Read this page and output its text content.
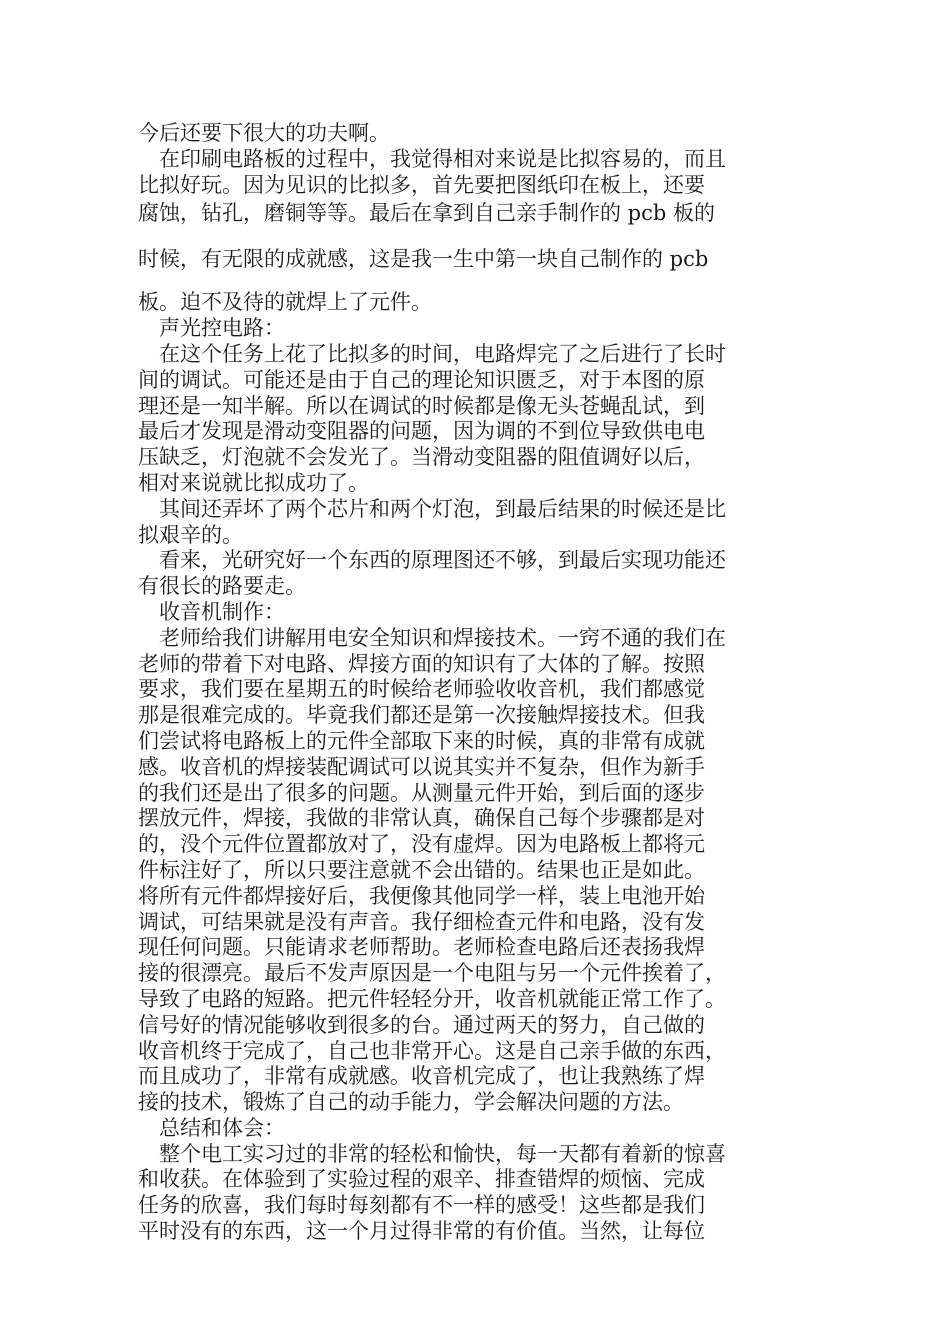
今后还要下很大的功夫啊。
　在印刷电路板的过程中，我觉得相对来说是比拟容易的，而且
比拟好玩。因为见识的比拟多，首先要把图纸印在板上，还要
腐蚀，钻孔，磨铜等等。最后在拿到自己亲手制作的 pcb 板的
时候，有无限的成就感，这是我一生中第一块自己制作的 pcb
板。迫不及待的就焊上了元件。
　声光控电路：
　在这个任务上花了比拟多的时间，电路焊完了之后进行了长时
间的调试。可能还是由于自己的理论知识匮乏，对于本图的原
理还是一知半解。所以在调试的时候都是像无头苍蝇乱试，到
最后才发现是滑动变阻器的问题，因为调的不到位导致供电电
压缺乏，灯泡就不会发光了。当滑动变阻器的阻值调好以后，
相对来说就比拟成功了。
　其间还弄坏了两个芯片和两个灯泡，到最后结果的时候还是比
拟艰辛的。
　看来，光研究好一个东西的原理图还不够，到最后实现功能还
有很长的路要走。
　收音机制作：
　老师给我们讲解用电安全知识和焊接技术。一窍不通的我们在
老师的带着下对电路、焊接方面的知识有了大体的了解。按照
要求，我们要在星期五的时候给老师验收收音机，我们都感觉
那是很难完成的。毕竟我们都还是第一次接触焊接技术。但我
们尝试将电路板上的元件全部取下来的时候，真的非常有成就
感。收音机的焊接装配调试可以说其实并不复杂，但作为新手
的我们还是出了很多的问题。从测量元件开始，到后面的逐步
摆放元件，焊接，我做的非常认真，确保自己每个步骤都是对
的，没个元件位置都放对了，没有虚焊。因为电路板上都将元
件标注好了，所以只要注意就不会出错的。结果也正是如此。
将所有元件都焊接好后，我便像其他同学一样，装上电池开始
调试，可结果就是没有声音。我仔细检查元件和电路，没有发
现任何问题。只能请求老师帮助。老师检查电路后还表扬我焊
接的很漂亮。最后不发声原因是一个电阻与另一个元件挨着了，
导致了电路的短路。把元件轻轻分开，收音机就能正常工作了。
信号好的情况能够收到很多的台。通过两天的努力，自己做的
收音机终于完成了，自己也非常开心。这是自己亲手做的东西，
而且成功了，非常有成就感。收音机完成了，也让我熟练了焊
接的技术，锻炼了自己的动手能力，学会解决问题的方法。
　总结和体会：
　整个电工实习过的非常的轻松和愉快，每一天都有着新的惊喜
和收获。在体验到了实验过程的艰辛、排查错焊的烦恼、完成
任务的欣喜，我们每时每刻都有不一样的感受！这些都是我们
平时没有的东西，这一个月过得非常的有价值。当然，让每位
